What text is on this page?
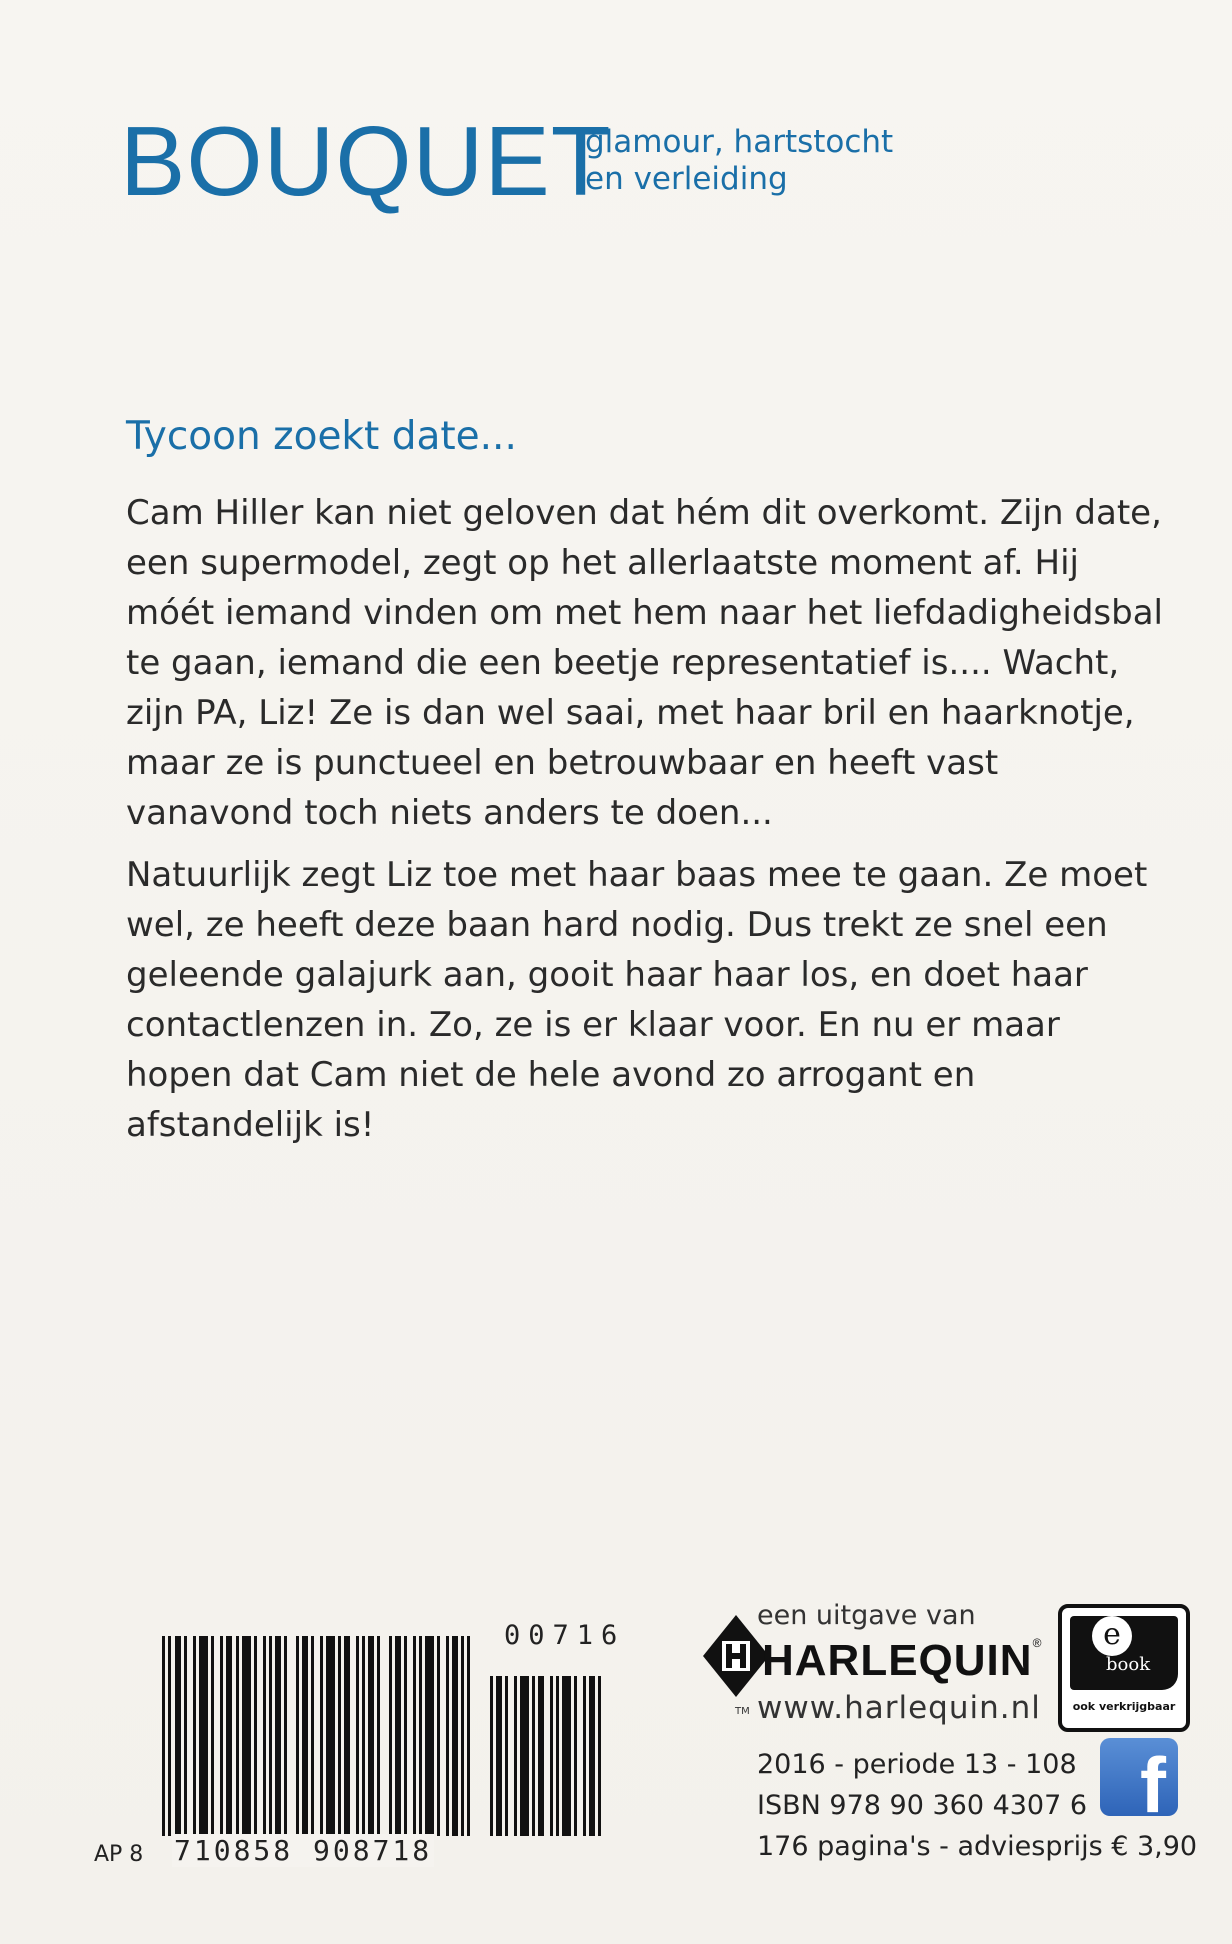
BOUQUET
glamour, hartstocht
en verleiding
Tycoon zoekt date...

Cam Hiller kan niet geloven dat hém dit overkomt. Zijn date, een supermodel, zegt op het allerlaatste moment af. Hij móét iemand vinden om met hem naar het liefdadigheidsbal te gaan, iemand die een beetje representatief is.... Wacht, zijn PA, Liz! Ze is dan wel saai, met haar bril en haarknotje, maar ze is punctueel en betrouwbaar en heeft vast vanavond toch niets anders te doen...

Natuurlijk zegt Liz toe met haar baas mee te gaan. Ze moet wel, ze heeft deze baan hard nodig. Dus trekt ze snel een geleende galajurk aan, gooit haar haar los, en doet haar contactlenzen in. Zo, ze is er klaar voor. En nu er maar hopen dat Cam niet de hele avond zo arrogant en afstandelijk is!

00716
AP 8 710858 908718
een uitgave van
HARLEQUIN®
TM www.harlequin.nl
2016 - periode 13 - 108
ISBN 978 90 360 4307 6
176 pagina's - adviesprijs € 3,90
e
book
ook verkrijgbaar
f
